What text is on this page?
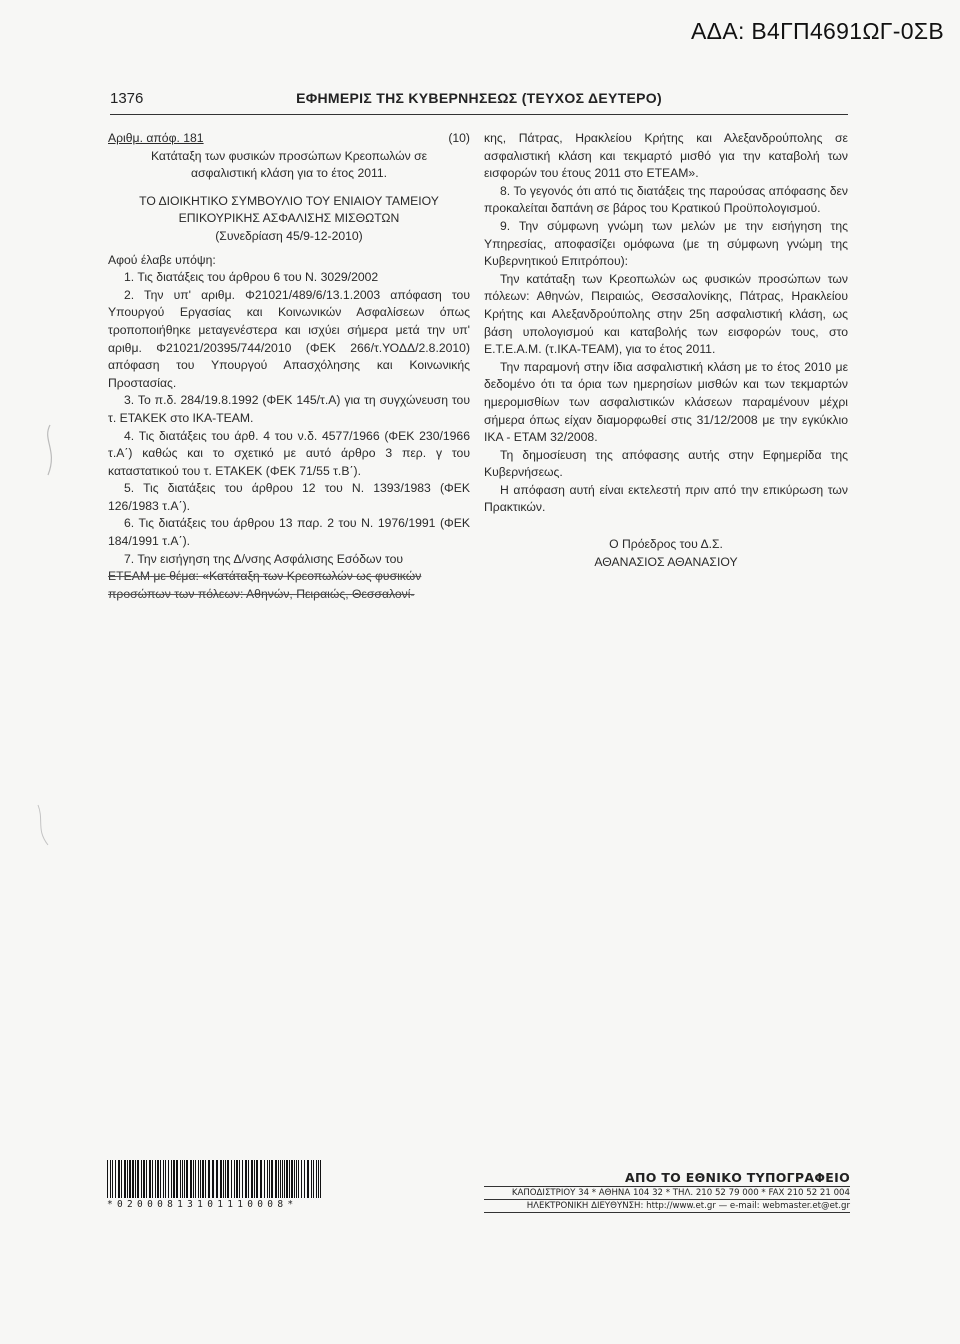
ΑΔΑ: Β4ΓΠ4691ΩΓ-0ΣΒ
1376	ΕΦΗΜΕΡΙΣ ΤΗΣ ΚΥΒΕΡΝΗΣΕΩΣ (ΤΕΥΧΟΣ ΔΕΥΤΕΡΟ)
Αριθμ. απόφ. 181	(10)

Κατάταξη των φυσικών προσώπων Κρεοπωλών σε

ασφαλιστική κλάση για το έτος 2011.

ΤΟ ΔΙΟΙΚΗΤΙΚΟ ΣΥΜΒΟΥΛΙΟ ΤΟΥ ΕΝΙΑΙΟΥ ΤΑΜΕΙΟΥ

ΕΠΙΚΟΥΡΙΚΗΣ ΑΣΦΑΛΙΣΗΣ ΜΙΣΘΩΤΩΝ

(Συνεδρίαση 45/9-12-2010)

Αφού έλαβε υπόψη:

1. Τις διατάξεις του άρθρου 6 του Ν. 3029/2002

2. Την υπ' αριθμ. Φ21021/489/6/13.1.2003 απόφαση του Υπουργού Εργασίας και Κοινωνικών Ασφαλίσεων όπως τροποποιήθηκε μεταγενέστερα και ισχύει σήμερα μετά την υπ' αριθμ. Φ21021/20395/744/2010 (ΦΕΚ 266/τ.ΥΟΔΔ/2.8.2010) απόφαση του Υπουργού Απασχόλησης και Κοινωνικής Προστασίας.

3. Το π.δ. 284/19.8.1992 (ΦΕΚ 145/τ.Α) για τη συγχώνευση του τ. ΕΤΑΚΕΚ στο ΙΚΑ-ΤΕΑΜ.

4. Τις διατάξεις του άρθ. 4 του ν.δ. 4577/1966 (ΦΕΚ 230/1966 τ.Α΄) καθώς και το σχετικό με αυτό άρθρο 3 περ. γ του καταστατικού του τ. ΕΤΑΚΕΚ (ΦΕΚ 71/55 τ.Β΄).

5. Τις διατάξεις του άρθρου 12 του Ν. 1393/1983 (ΦΕΚ 126/1983 τ.Α΄).

6. Τις διατάξεις του άρθρου 13 παρ. 2 του Ν. 1976/1991 (ΦΕΚ 184/1991 τ.Α΄).

7. Την εισήγηση της Δ/νσης Ασφάλισης Εσόδων του

ΕΤΕΑΜ με θέμα: «Κατάταξη των Κρεοπωλών ως φυσικών

προσώπων των πόλεων: Αθηνών, Πειραιώς, Θεσσαλονί-

κης, Πάτρας, Ηρακλείου Κρήτης και Αλεξανδρούπολης σε ασφαλιστική κλάση και τεκμαρτό μισθό για την καταβολή των εισφορών του έτους 2011 στο ΕΤΕΑΜ».

8. Το γεγονός ότι από τις διατάξεις της παρούσας απόφασης δεν προκαλείται δαπάνη σε βάρος του Κρατικού Προϋπολογισμού.

9. Την σύμφωνη γνώμη των μελών με την εισήγηση της Υπηρεσίας, αποφασίζει ομόφωνα (με τη σύμφωνη γνώμη της Κυβερνητικού Επιτρόπου):

Την κατάταξη των Κρεοπωλών ως φυσικών προσώπων των πόλεων: Αθηνών, Πειραιώς, Θεσσαλονίκης, Πάτρας, Ηρακλείου Κρήτης και Αλεξανδρούπολης στην 25η ασφαλιστική κλάση, ως βάση υπολογισμού και καταβολής των εισφορών τους, στο Ε.Τ.Ε.Α.Μ. (τ.ΙΚΑ-ΤΕΑΜ), για το έτος 2011.

Την παραμονή στην ίδια ασφαλιστική κλάση με το έτος 2010 με δεδομένο ότι τα όρια των ημερησίων μισθών και των τεκμαρτών ημερομισθίων των ασφαλιστικών κλάσεων παραμένουν μέχρι σήμερα όπως είχαν διαμορφωθεί στις 31/12/2008 με την εγκύκλιο ΙΚΑ - ΕΤΑΜ 32/2008.

Τη δημοσίευση της απόφασης αυτής στην Εφημερίδα της Κυβερνήσεως.

Η απόφαση αυτή είναι εκτελεστή πριν από την επικύρωση των Πρακτικών.

Ο Πρόεδρος του Δ.Σ.
ΑΘΑΝΑΣΙΟΣ ΑΘΑΝΑΣΙΟΥ
*02000813101110008*
ΑΠΟ ΤΟ ΕΘΝΙΚΟ ΤΥΠΟΓΡΑΦΕΙΟ
ΚΑΠΟΔΙΣΤΡΙΟΥ 34 * ΑΘΗΝΑ 104 32 * ΤΗΛ. 210 52 79 000 * FAX 210 52 21 004
ΗΛΕΚΤΡΟΝΙΚΗ ΔΙΕΥΘΥΝΣΗ: http://www.et.gr — e-mail: webmaster.et@et.gr
